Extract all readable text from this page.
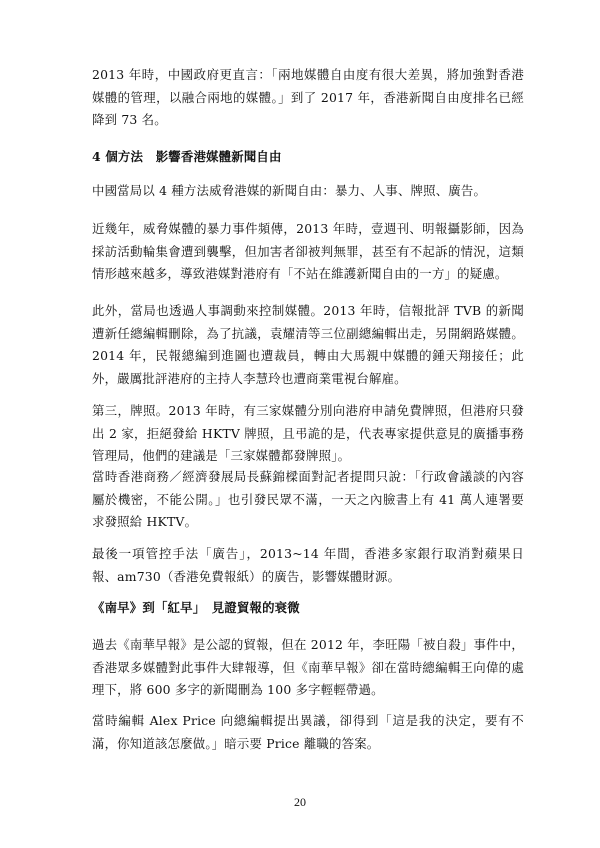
2013 年時，中國政府更直言：「兩地媒體自由度有很大差異，將加強對香港媒體的管理，以融合兩地的媒體。」到了 2017 年，香港新聞自由度排名已經降到 73 名。

4 個方法　影響香港媒體新聞自由

中國當局以 4 種方法威脅港媒的新聞自由：暴力、人事、牌照、廣告。

近幾年，威脅媒體的暴力事件頻傳，2013 年時，壹週刊、明報攝影師，因為採訪活動輪集會遭到襲擊，但加害者卻被判無罪，甚至有不起訴的情況，這類情形越來越多，導致港媒對港府有「不站在維護新聞自由的一方」的疑慮。

此外，當局也透過人事調動來控制媒體。2013 年時，信報批評 TVB 的新聞遭新任總編輯刪除，為了抗議，袁耀清等三位副總編輯出走，另開網路媒體。2014 年，民報總編到進圖也遭裁員，轉由大馬親中媒體的鍾天翔接任；此外，嚴厲批評港府的主持人李慧玲也遭商業電視台解雇。

第三，牌照。2013 年時，有三家媒體分別向港府申請免費牌照，但港府只發出 2 家，拒絕發給 HKTV 牌照，且弔詭的是，代表專家提供意見的廣播事務管理局，他們的建議是「三家媒體都發牌照」。

當時香港商務／經濟發展局長蘇錦樑面對記者提問只說：「行政會議談的內容屬於機密，不能公開。」也引發民眾不滿，一天之內臉書上有 41 萬人連署要求發照給 HKTV。

最後一項管控手法「廣告」，2013~14 年間，香港多家銀行取消對蘋果日報、am730（香港免費報紙）的廣告，影響媒體財源。

《南早》到「紅早」　見證貿報的衰微

過去《南華早報》是公認的貿報，但在 2012 年，李旺陽「被自殺」事件中，香港眾多媒體對此事件大肆報導，但《南華早報》卻在當時總編輯王向偉的處理下，將 600 多字的新聞刪為 100 多字輕輕帶過。

當時編輯 Alex Price 向總編輯提出異議，卻得到「這是我的決定，要有不滿，你知道該怎麼做。」暗示要 Price 離職的答案。

20
